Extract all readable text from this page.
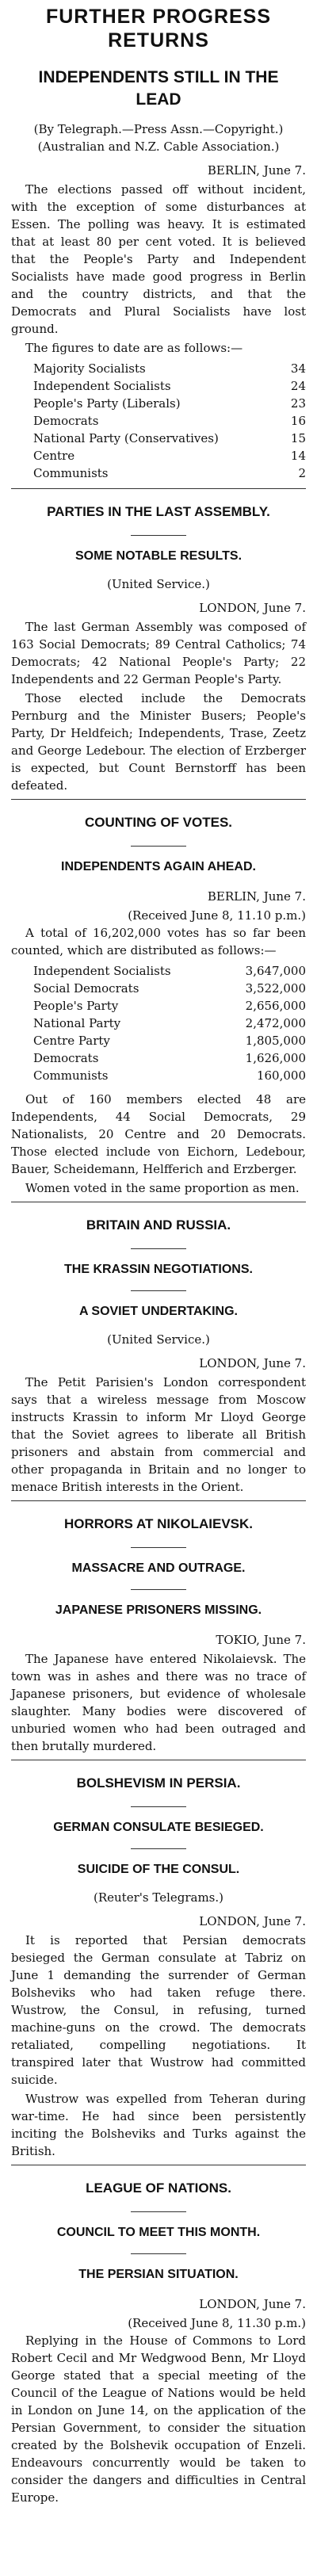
FURTHER PROGRESS RETURNS
INDEPENDENTS STILL IN THE LEAD

(By Telegraph.—Press Assn.—Copyright.) (Australian and N.Z. Cable Association.)

BERLIN, June 7.

The elections passed off without incident, with the exception of some disturbances at Essen. The polling was heavy. It is estimated that at least 80 per cent voted. It is believed that the People's Party and Independent Socialists have made good progress in Berlin and the country districts, and that the Democrats and Plural Socialists have lost ground.

The figures to date are as follows:—

Majority Socialists	34
Independent Socialists	24
People's Party (Liberals)	23
Democrats	16
National Party (Conservatives)	15
Centre	14
Communists	2
PARTIES IN THE LAST ASSEMBLY.
SOME NOTABLE RESULTS.

(United Service.)

LONDON, June 7.

The last German Assembly was composed of 163 Social Democrats; 89 Central Catholics; 74 Democrats; 42 National People's Party; 22 Independents and 22 German People's Party.

Those elected include the Democrats Pernburg and the Minister Busers; People's Party, Dr Heldfeich; Independents, Trase, Zeetz and George Ledebour. The election of Erzberger is expected, but Count Bernstorff has been defeated.

COUNTING OF VOTES.
INDEPENDENTS AGAIN AHEAD.

BERLIN, June 7.

(Received June 8, 11.10 p.m.)

A total of 16,202,000 votes has so far been counted, which are distributed as follows:—

Independent Socialists	3,647,000
Social Democrats	3,522,000
People's Party	2,656,000
National Party	2,472,000
Centre Party	1,805,000
Democrats	1,626,000
Communists	160,000

Out of 160 members elected 48 are Independents, 44 Social Democrats, 29 Nationalists, 20 Centre and 20 Democrats. Those elected include von Eichorn, Ledebour, Bauer, Scheidemann, Helfferich and Erzberger.

Women voted in the same proportion as men.

BRITAIN AND RUSSIA.
THE KRASSIN NEGOTIATIONS.
A SOVIET UNDERTAKING.

(United Service.)

LONDON, June 7.

The Petit Parisien's London correspondent says that a wireless message from Moscow instructs Krassin to inform Mr Lloyd George that the Soviet agrees to liberate all British prisoners and abstain from commercial and other propaganda in Britain and no longer to menace British interests in the Orient.

HORRORS AT NIKOLAIEVSK.
MASSACRE AND OUTRAGE.
JAPANESE PRISONERS MISSING.

TOKIO, June 7.

The Japanese have entered Nikolaievsk. The town was in ashes and there was no trace of Japanese prisoners, but evidence of wholesale slaughter. Many bodies were discovered of unburied women who had been outraged and then brutally murdered.

BOLSHEVISM IN PERSIA.
GERMAN CONSULATE BESIEGED.
SUICIDE OF THE CONSUL.

(Reuter's Telegrams.)

LONDON, June 7.

It is reported that Persian democrats besieged the German consulate at Tabriz on June 1 demanding the surrender of German Bolsheviks who had taken refuge there. Wustrow, the Consul, in refusing, turned machine-guns on the crowd. The democrats retaliated, compelling negotiations. It transpired later that Wustrow had committed suicide.

Wustrow was expelled from Teheran during war-time. He had since been persistently inciting the Bolsheviks and Turks against the British.

LEAGUE OF NATIONS.
COUNCIL TO MEET THIS MONTH.
THE PERSIAN SITUATION.

LONDON, June 7.

(Received June 8, 11.30 p.m.)

Replying in the House of Commons to Lord Robert Cecil and Mr Wedgwood Benn, Mr Lloyd George stated that a special meeting of the Council of the League of Nations would be held in London on June 14, on the application of the Persian Government, to consider the situation created by the Bolshevik occupation of Enzeli. Endeavours concurrently would be taken to consider the dangers and difficulties in Central Europe.
